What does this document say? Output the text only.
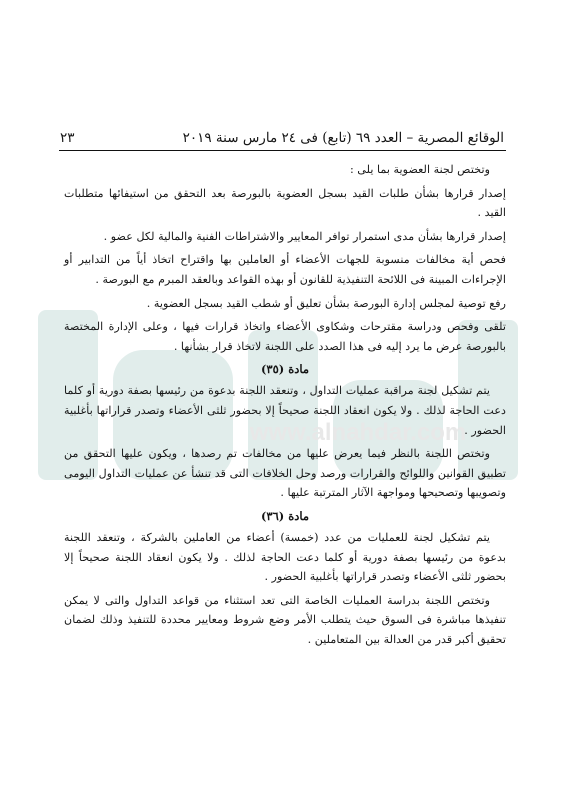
www.alnahdar.com
الوقائع المصرية – العدد ٦٩ (تابع) فى ٢٤ مارس سنة ٢٠١٩
٢٣

وتختص لجنة العضوية بما يلى :

إصدار قرارها بشأن طلبات القيد بسجل العضوية بالبورصة بعد التحقق من استيفائها متطلبات القيد .

إصدار قرارها بشأن مدى استمرار توافر المعايير والاشتراطات الفنية والمالية لكل عضو .

فحص أية مخالفات منسوبة للجهات الأعضاء أو العاملين بها واقتراح اتخاذ أياً من التدابير أو الإجراءات المبينة فى اللائحة التنفيذية للقانون أو بهذه القواعد وبالعقد المبرم مع البورصة .

رفع توصية لمجلس إدارة البورصة بشأن تعليق أو شطب القيد بسجل العضوية .

تلقى وفحص ودراسة مقترحات وشكاوى الأعضاء واتخاذ قرارات فيها ، وعلى الإدارة المختصة بالبورصة عرض ما يرد إليه فى هذا الصدد على اللجنة لاتخاذ قرار بشأنها .

مادة (٣٥)

يتم تشكيل لجنة مراقبة عمليات التداول ، وتنعقد اللجنة بدعوة من رئيسها بصفة دورية أو كلما دعت الحاجة لذلك . ولا يكون انعقاد اللجنة صحيحاً إلا بحضور ثلثى الأعضاء وتصدر قراراتها بأغلبية الحضور .

وتختص اللجنة بالنظر فيما يعرض عليها من مخالفات تم رصدها ، ويكون عليها التحقق من تطبيق القوانين واللوائح والقرارات ورصد وحل الخلافات التى قد تنشأ عن عمليات التداول اليومى وتصويبها وتصحيحها ومواجهة الآثار المترتبة عليها .

مادة (٣٦)

يتم تشكيل لجنة للعمليات من عدد (خمسة) أعضاء من العاملين بالشركة ، وتنعقد اللجنة بدعوة من رئيسها بصفة دورية أو كلما دعت الحاجة لذلك . ولا يكون انعقاد اللجنة صحيحاً إلا بحضور ثلثى الأعضاء وتصدر قراراتها بأغلبية الحضور .

وتختص اللجنة بدراسة العمليات الخاصة التى تعد استثناء من قواعد التداول والتى لا يمكن تنفيذها مباشرة فى السوق حيث يتطلب الأمر وضع شروط ومعايير محددة للتنفيذ وذلك لضمان تحقيق أكبر قدر من العدالة بين المتعاملين .
